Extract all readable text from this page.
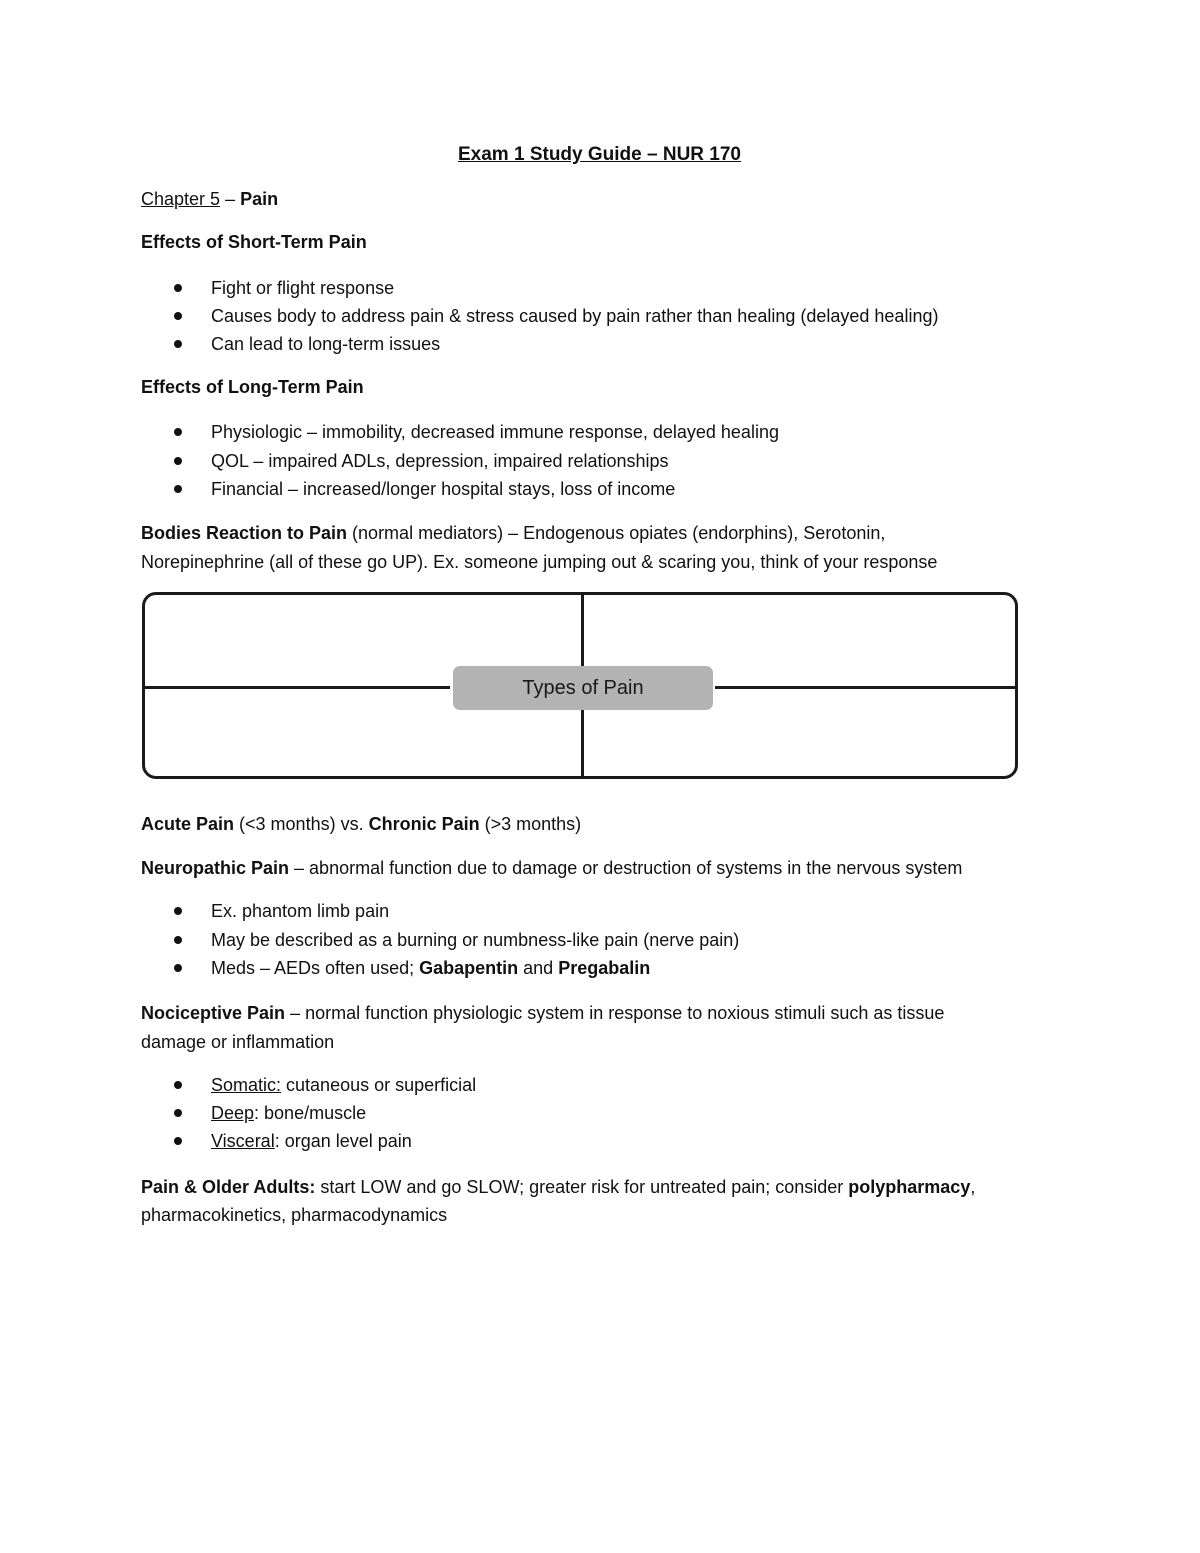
Exam 1 Study Guide – NUR 170
Chapter 5 – Pain
Effects of Short-Term Pain
Fight or flight response
Causes body to address pain & stress caused by pain rather than healing (delayed healing)
Can lead to long-term issues
Effects of Long-Term Pain
Physiologic – immobility, decreased immune response, delayed healing
QOL – impaired ADLs, depression, impaired relationships
Financial – increased/longer hospital stays, loss of income
Bodies Reaction to Pain (normal mediators) – Endogenous opiates (endorphins), Serotonin,
Norepinephrine (all of these go UP). Ex. someone jumping out & scaring you, think of your response
Types of Pain
Acute Pain (<3 months) vs. Chronic Pain (>3 months)
Neuropathic Pain – abnormal function due to damage or destruction of systems in the nervous system
Ex. phantom limb pain
May be described as a burning or numbness-like pain (nerve pain)
Meds – AEDs often used; Gabapentin and Pregabalin
Nociceptive Pain – normal function physiologic system in response to noxious stimuli such as tissue
damage or inflammation
Somatic: cutaneous or superficial
Deep: bone/muscle
Visceral: organ level pain
Pain & Older Adults: start LOW and go SLOW; greater risk for untreated pain; consider polypharmacy,
pharmacokinetics, pharmacodynamics
